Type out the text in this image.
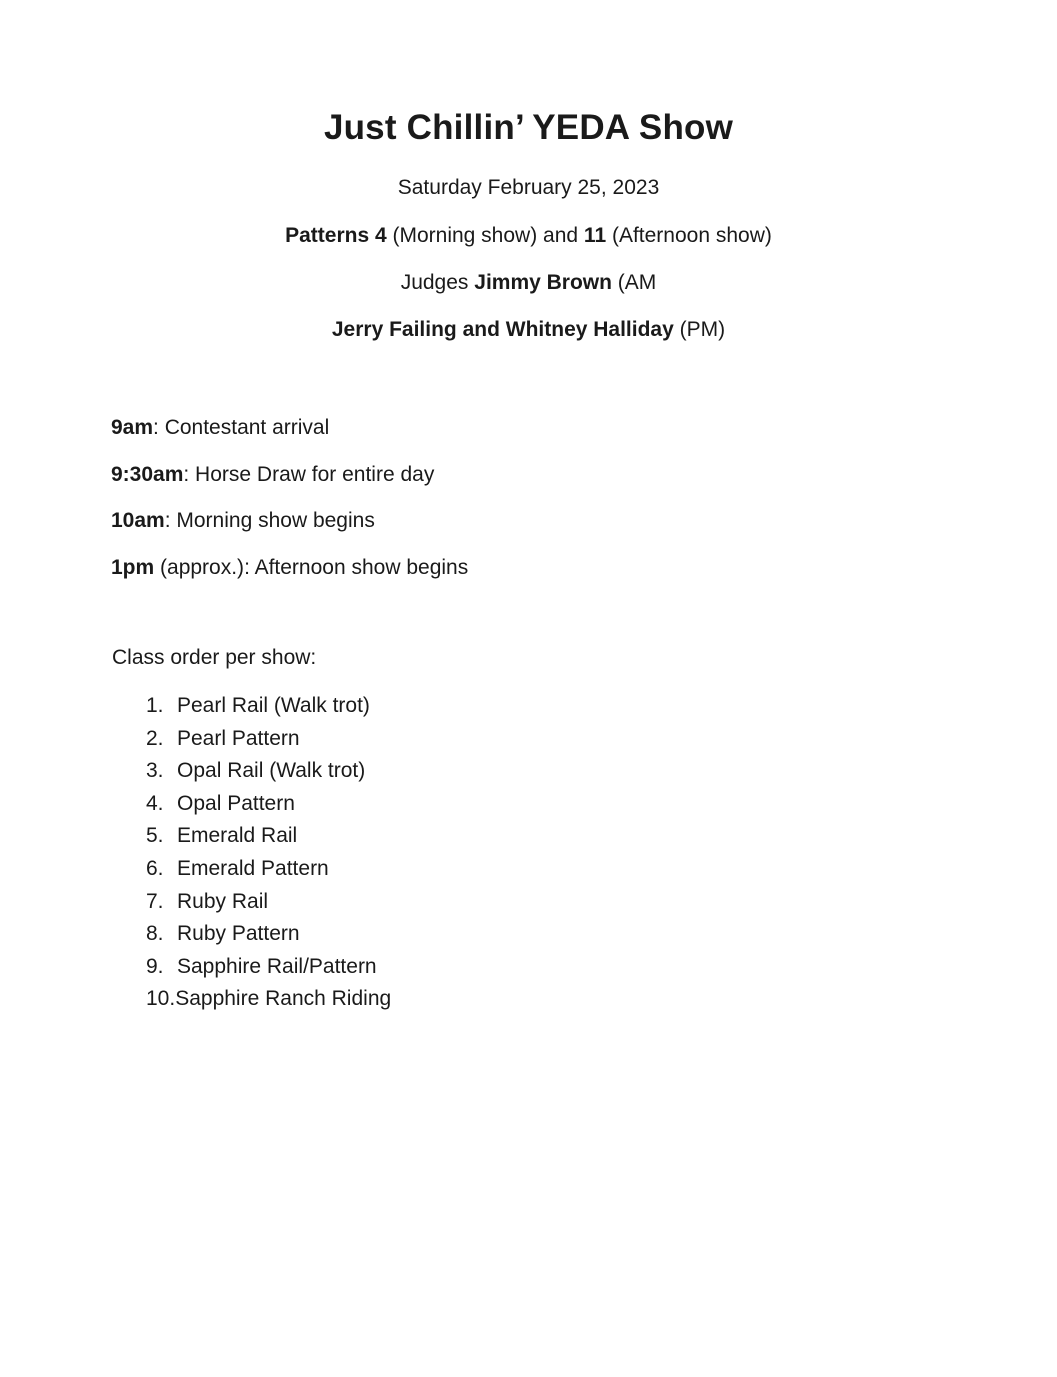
Just Chillin’ YEDA Show
Saturday February 25, 2023
Patterns 4 (Morning show) and 11 (Afternoon show)
Judges Jimmy Brown (AM
Jerry Failing and Whitney Halliday (PM)
9am: Contestant arrival
9:30am: Horse Draw for entire day
10am: Morning show begins
1pm (approx.): Afternoon show begins
Class order per show:
1. Pearl Rail (Walk trot)
2. Pearl Pattern
3. Opal Rail (Walk trot)
4. Opal Pattern
5. Emerald Rail
6. Emerald Pattern
7. Ruby Rail
8. Ruby Pattern
9. Sapphire Rail/Pattern
10.Sapphire Ranch Riding
